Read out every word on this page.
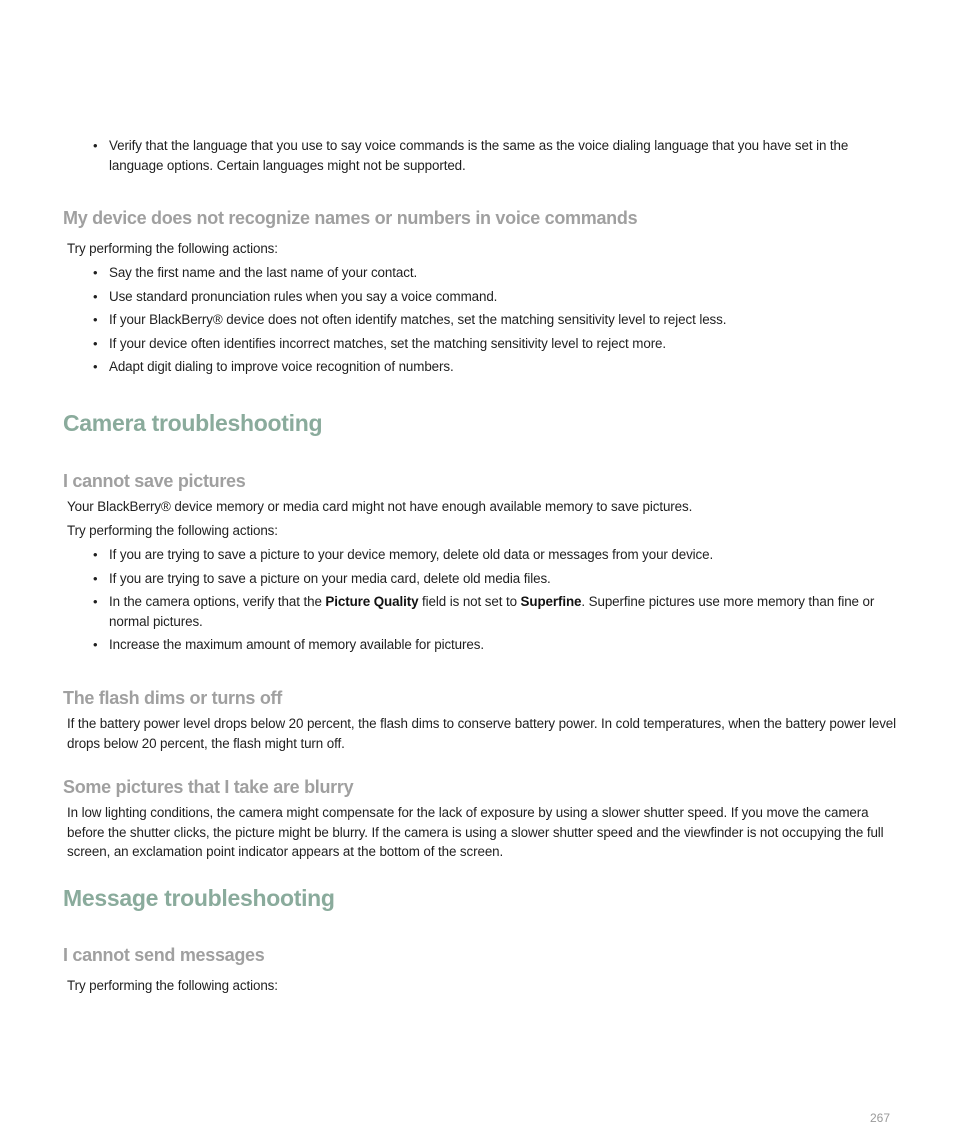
• Verify that the language that you use to say voice commands is the same as the voice dialing language that you have set in the language options. Certain languages might not be supported.
My device does not recognize names or numbers in voice commands
Try performing the following actions:
• Say the first name and the last name of your contact.
• Use standard pronunciation rules when you say a voice command.
• If your BlackBerry® device does not often identify matches, set the matching sensitivity level to reject less.
• If your device often identifies incorrect matches, set the matching sensitivity level to reject more.
• Adapt digit dialing to improve voice recognition of numbers.
Camera troubleshooting
I cannot save pictures
Your BlackBerry® device memory or media card might not have enough available memory to save pictures.
Try performing the following actions:
• If you are trying to save a picture to your device memory, delete old data or messages from your device.
• If you are trying to save a picture on your media card, delete old media files.
• In the camera options, verify that the Picture Quality field is not set to Superfine. Superfine pictures use more memory than fine or normal pictures.
• Increase the maximum amount of memory available for pictures.
The flash dims or turns off
If the battery power level drops below 20 percent, the flash dims to conserve battery power. In cold temperatures, when the battery power level drops below 20 percent, the flash might turn off.
Some pictures that I take are blurry
In low lighting conditions, the camera might compensate for the lack of exposure by using a slower shutter speed. If you move the camera before the shutter clicks, the picture might be blurry. If the camera is using a slower shutter speed and the viewfinder is not occupying the full screen, an exclamation point indicator appears at the bottom of the screen.
Message troubleshooting
I cannot send messages
Try performing the following actions:
267
